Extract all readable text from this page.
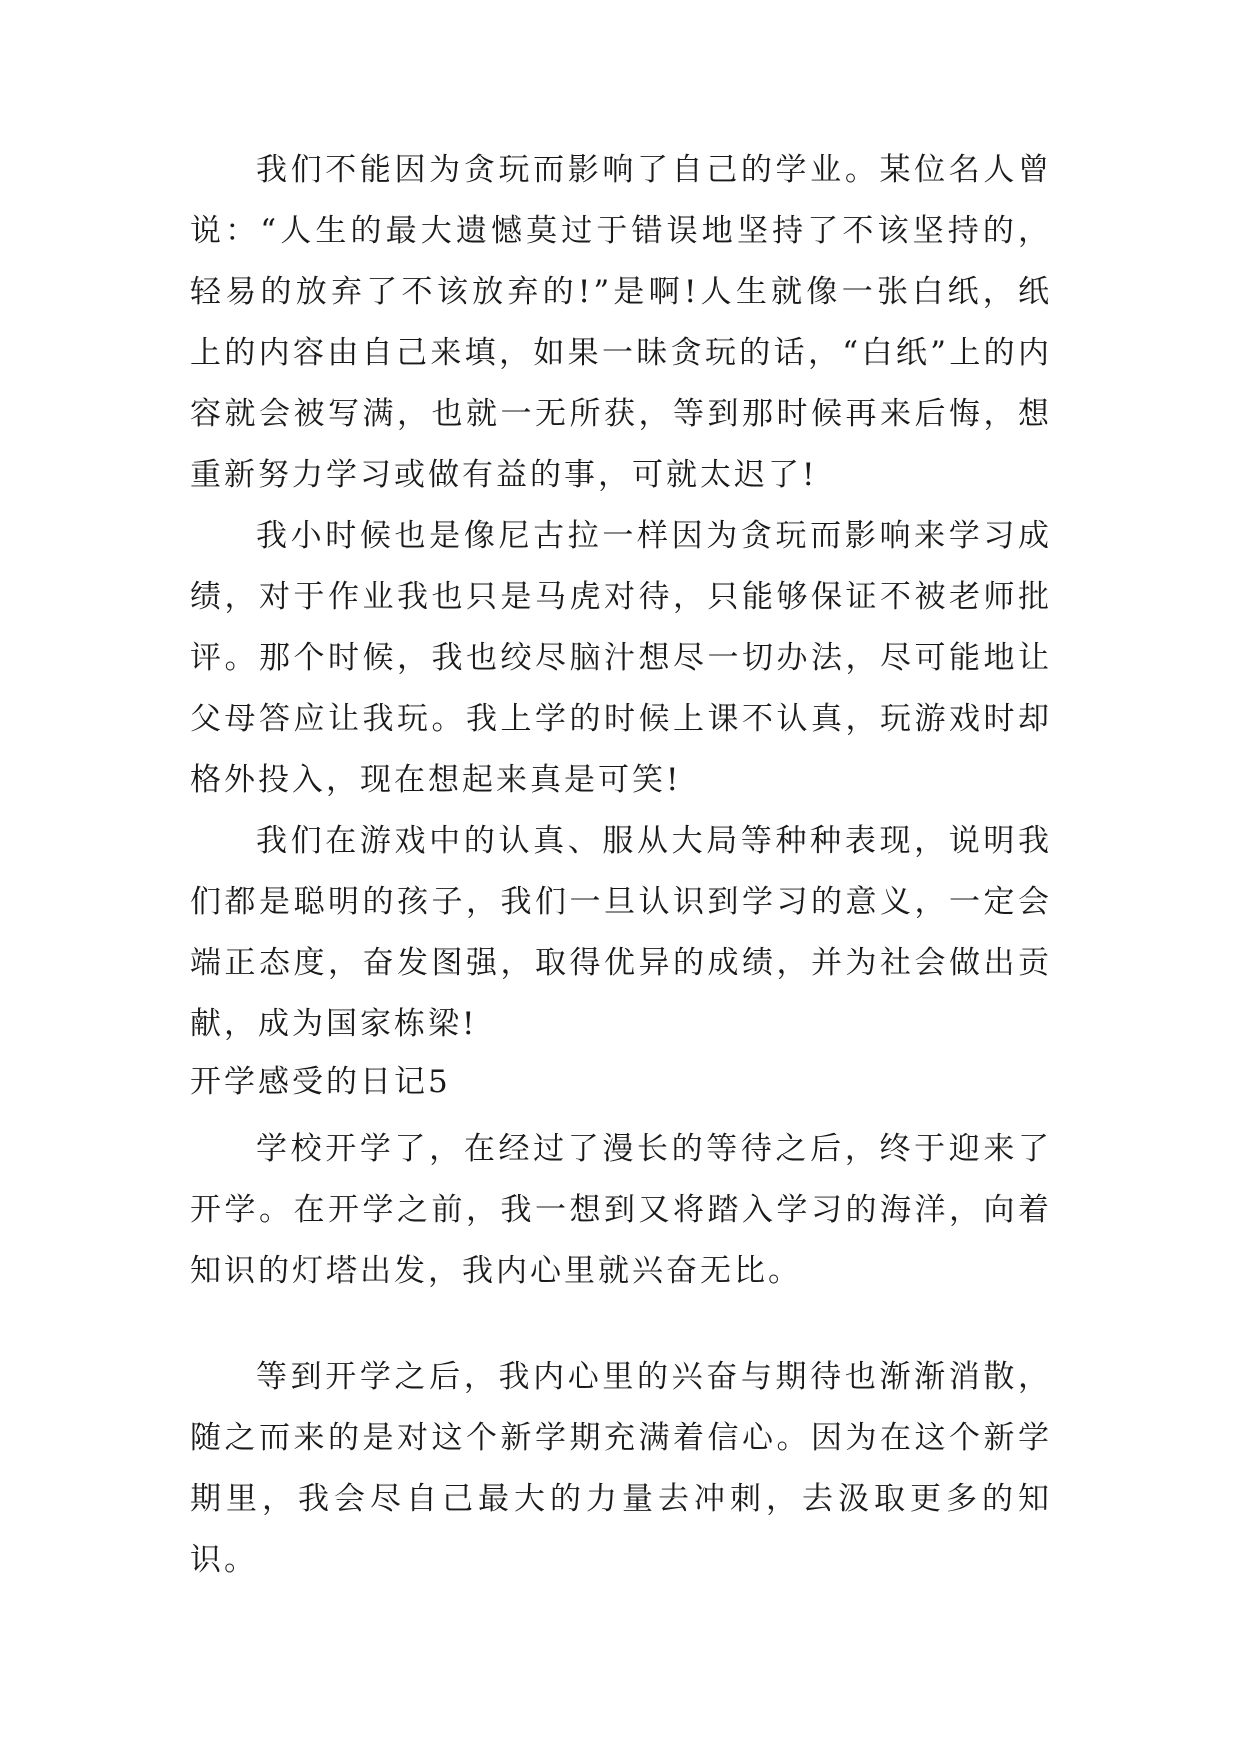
我们不能因为贪玩而影响了自己的学业。某位名人曾说：“人生的最大遗憾莫过于错误地坚持了不该坚持的，轻易的放弃了不该放弃的!”是啊!人生就像一张白纸，纸上的内容由自己来填，如果一昧贪玩的话，“白纸”上的内容就会被写满，也就一无所获，等到那时候再来后悔，想重新努力学习或做有益的事，可就太迟了!

我小时候也是像尼古拉一样因为贪玩而影响来学习成绩，对于作业我也只是马虎对待，只能够保证不被老师批评。那个时候，我也绞尽脑汁想尽一切办法，尽可能地让父母答应让我玩。我上学的时候上课不认真，玩游戏时却格外投入，现在想起来真是可笑!

我们在游戏中的认真、服从大局等种种表现，说明我们都是聪明的孩子，我们一旦认识到学习的意义，一定会端正态度，奋发图强，取得优异的成绩，并为社会做出贡献，成为国家栋梁!

开学感受的日记5

学校开学了，在经过了漫长的等待之后，终于迎来了开学。在开学之前，我一想到又将踏入学习的海洋，向着知识的灯塔出发，我内心里就兴奋无比。

等到开学之后，我内心里的兴奋与期待也渐渐消散，随之而来的是对这个新学期充满着信心。因为在这个新学期里，我会尽自己最大的力量去冲刺，去汲取更多的知识。
